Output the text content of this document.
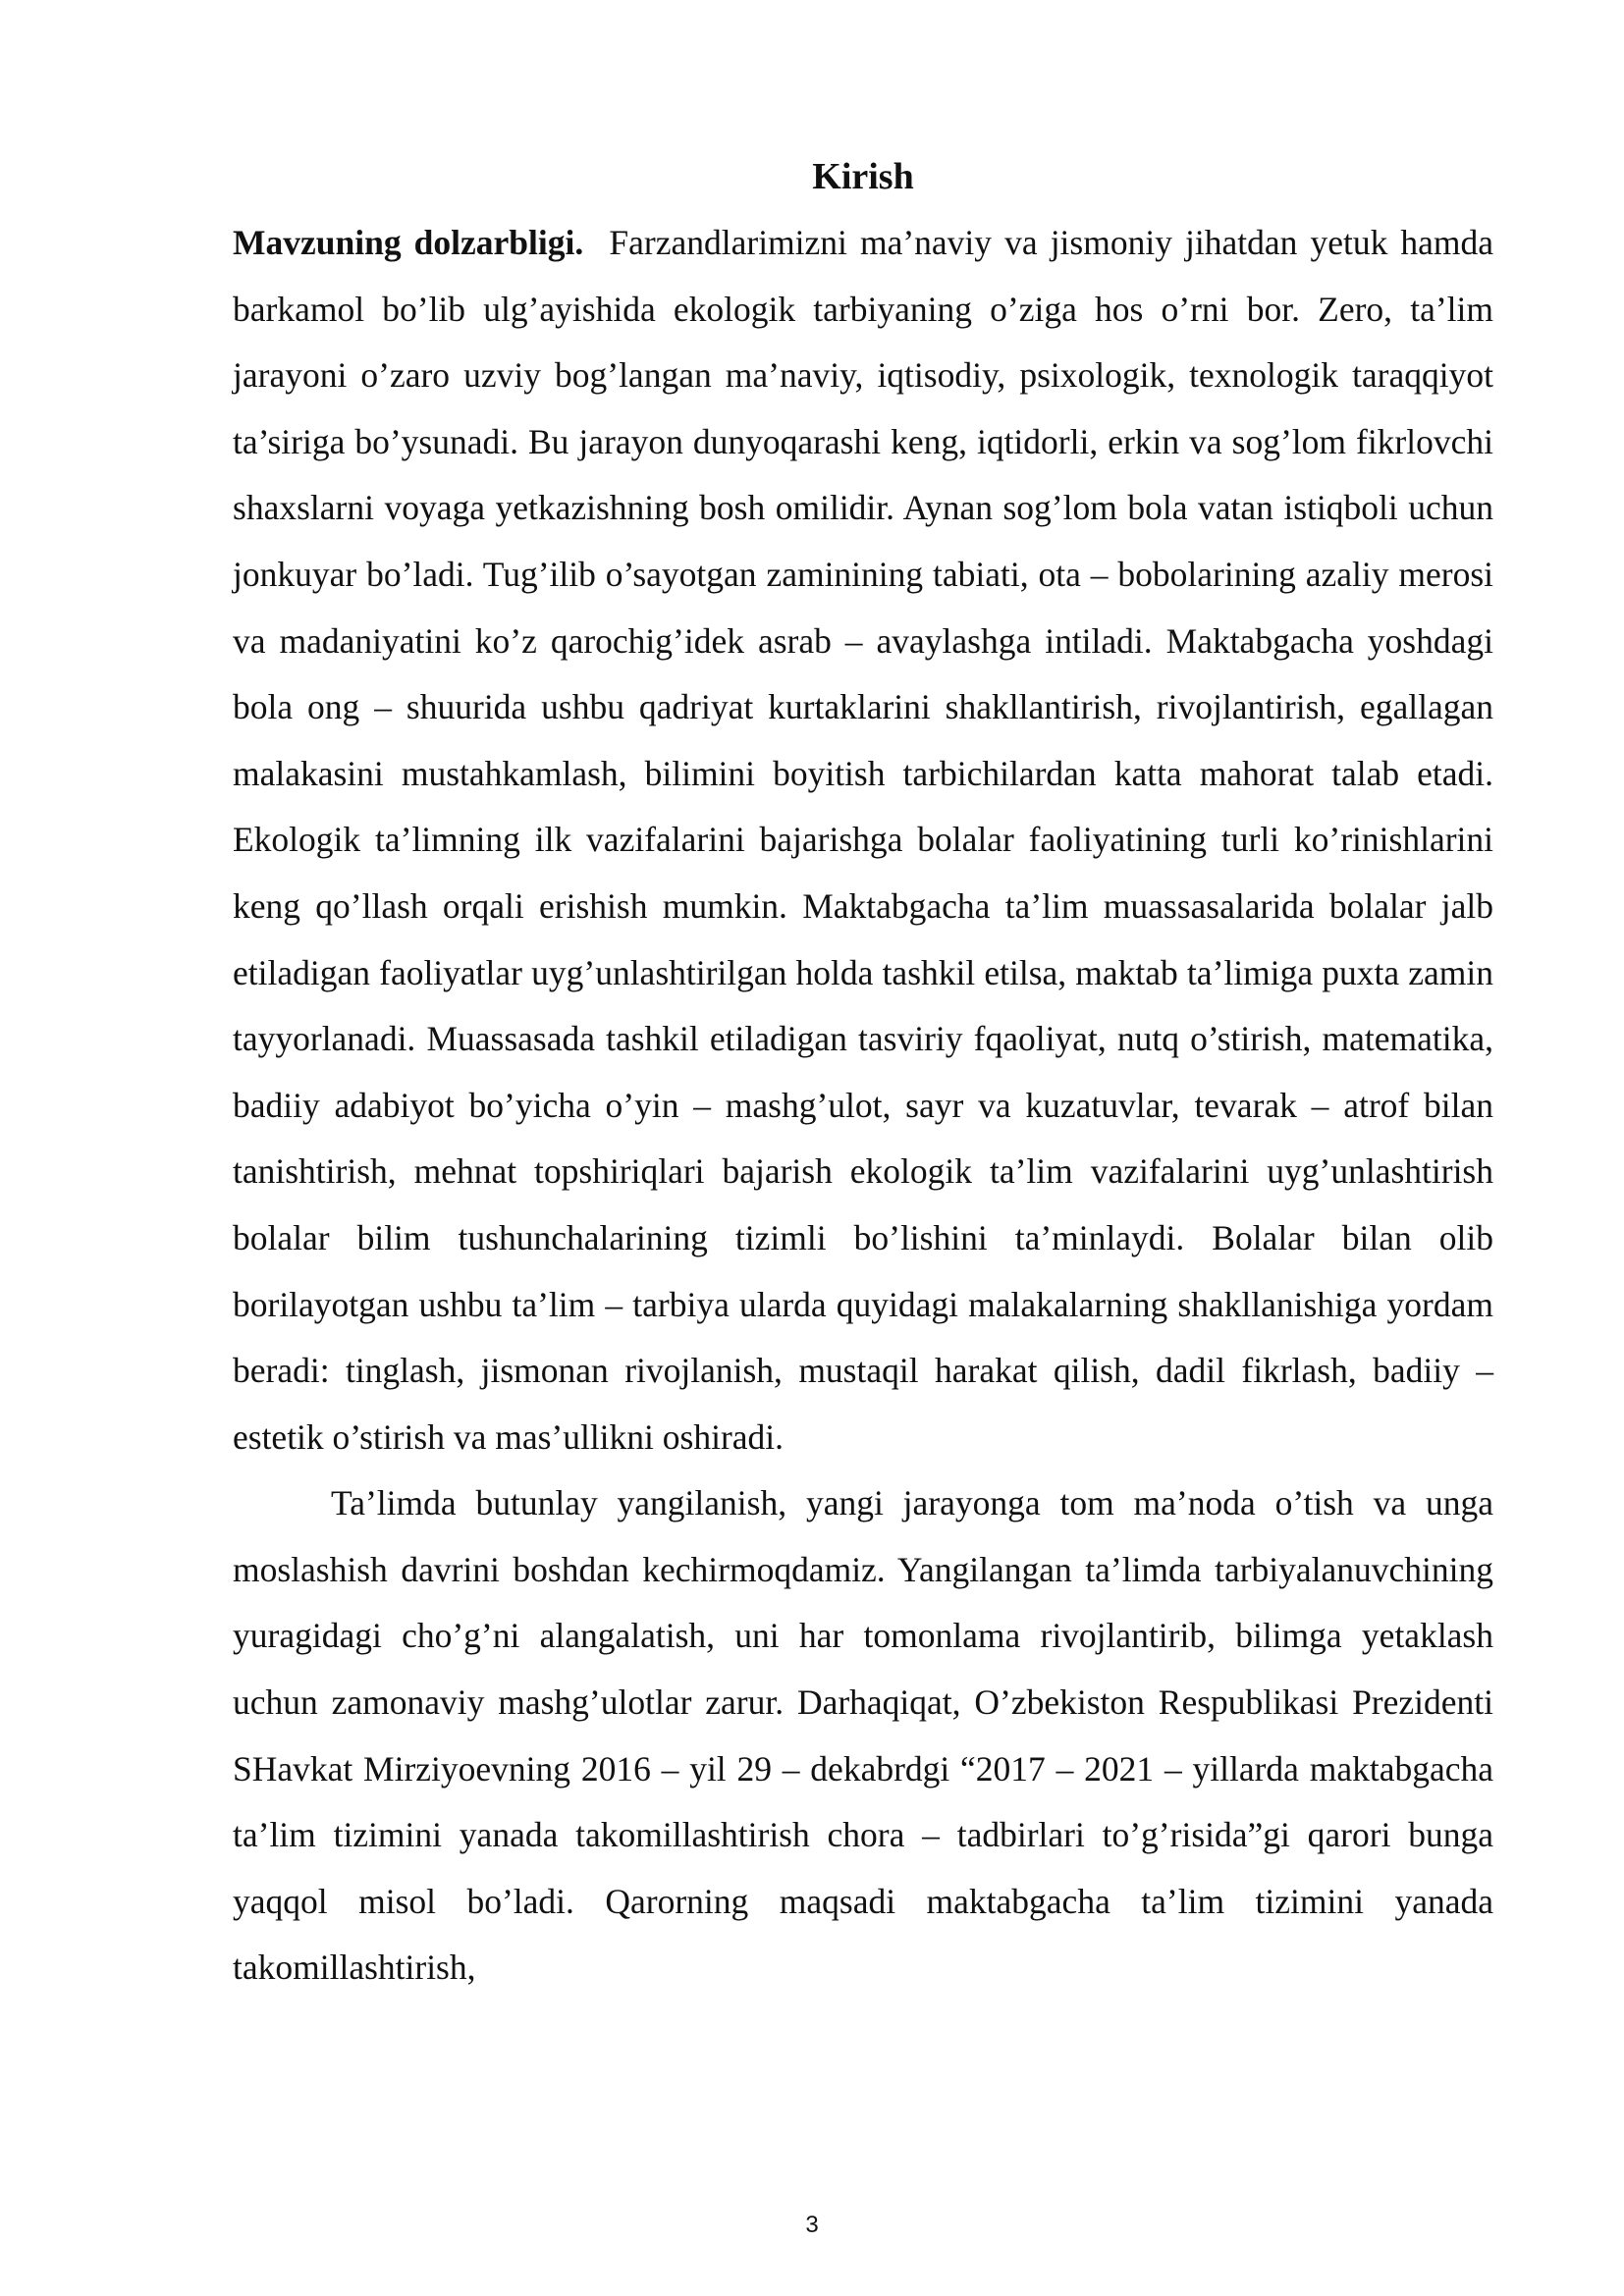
Kirish

Mavzuning dolzarbligi. Farzandlarimizni ma’naviy va jismoniy jihatdan yetuk hamda barkamol bo’lib ulg’ayishida ekologik tarbiyaning o’ziga hos o’rni bor. Zero, ta’lim jarayoni o’zaro uzviy bog’langan ma’naviy, iqtisodiy, psixologik, texnologik taraqqiyot ta’siriga bo’ysunadi. Bu jarayon dunyoqarashi keng, iqtidorli, erkin va sog’lom fikrlovchi shaxslarni voyaga yetkazishning bosh omilidir. Aynan sog’lom bola vatan istiqboli uchun jonkuyar bo’ladi. Tug’ilib o’sayotgan zaminining tabiati, ota – bobolarining azaliy merosi va madaniyatini ko’z qarochig’idek asrab – avaylashga intiladi. Maktabgacha yoshdagi bola ong – shuurida ushbu qadriyat kurtaklarini shakllantirish, rivojlantirish, egallagan malakasini mustahkamlash, bilimini boyitish tarbichilardan katta mahorat talab etadi. Ekologik ta’limning ilk vazifalarini bajarishga bolalar faoliyatining turli ko’rinishlarini keng qo’llash orqali erishish mumkin. Maktabgacha ta’lim muassasalarida bolalar jalb etiladigan faoliyatlar uyg’unlashtirilgan holda tashkil etilsa, maktab ta’limiga puxta zamin tayyorlanadi. Muassasada tashkil etiladigan tasviriy fqaoliyat, nutq o’stirish, matematika, badiiy adabiyot bo’yicha o’yin – mashg’ulot, sayr va kuzatuvlar, tevarak – atrof bilan tanishtirish, mehnat topshiriqlari bajarish ekologik ta’lim vazifalarini uyg’unlashtirish bolalar bilim tushunchalarining tizimli bo’lishini ta’minlaydi. Bolalar bilan olib borilayotgan ushbu ta’lim – tarbiya ularda quyidagi malakalarning shakllanishiga yordam beradi: tinglash, jismonan rivojlanish, mustaqil harakat qilish, dadil fikrlash, badiiy – estetik o’stirish va mas’ullikni oshiradi.

Ta’limda butunlay yangilanish, yangi jarayonga tom ma’noda o’tish va unga moslashish davrini boshdan kechirmoqdamiz. Yangilangan ta’limda tarbiyalanuvchining yuragidagi cho’g’ni alangalatish, uni har tomonlama rivojlantirib, bilimga yetaklash uchun zamonaviy mashg’ulotlar zarur. Darhaqiqat, O’zbekiston Respublikasi Prezidenti SHavkat Mirziyoevning 2016 – yil 29 – dekabrdgi “2017 – 2021 – yillarda maktabgacha ta’lim tizimini yanada takomillashtirish chora – tadbirlari to’g’risida”gi qarori bunga yaqqol misol bo’ladi. Qarorning maqsadi maktabgacha ta’lim tizimini yanada takomillashtirish,

3
